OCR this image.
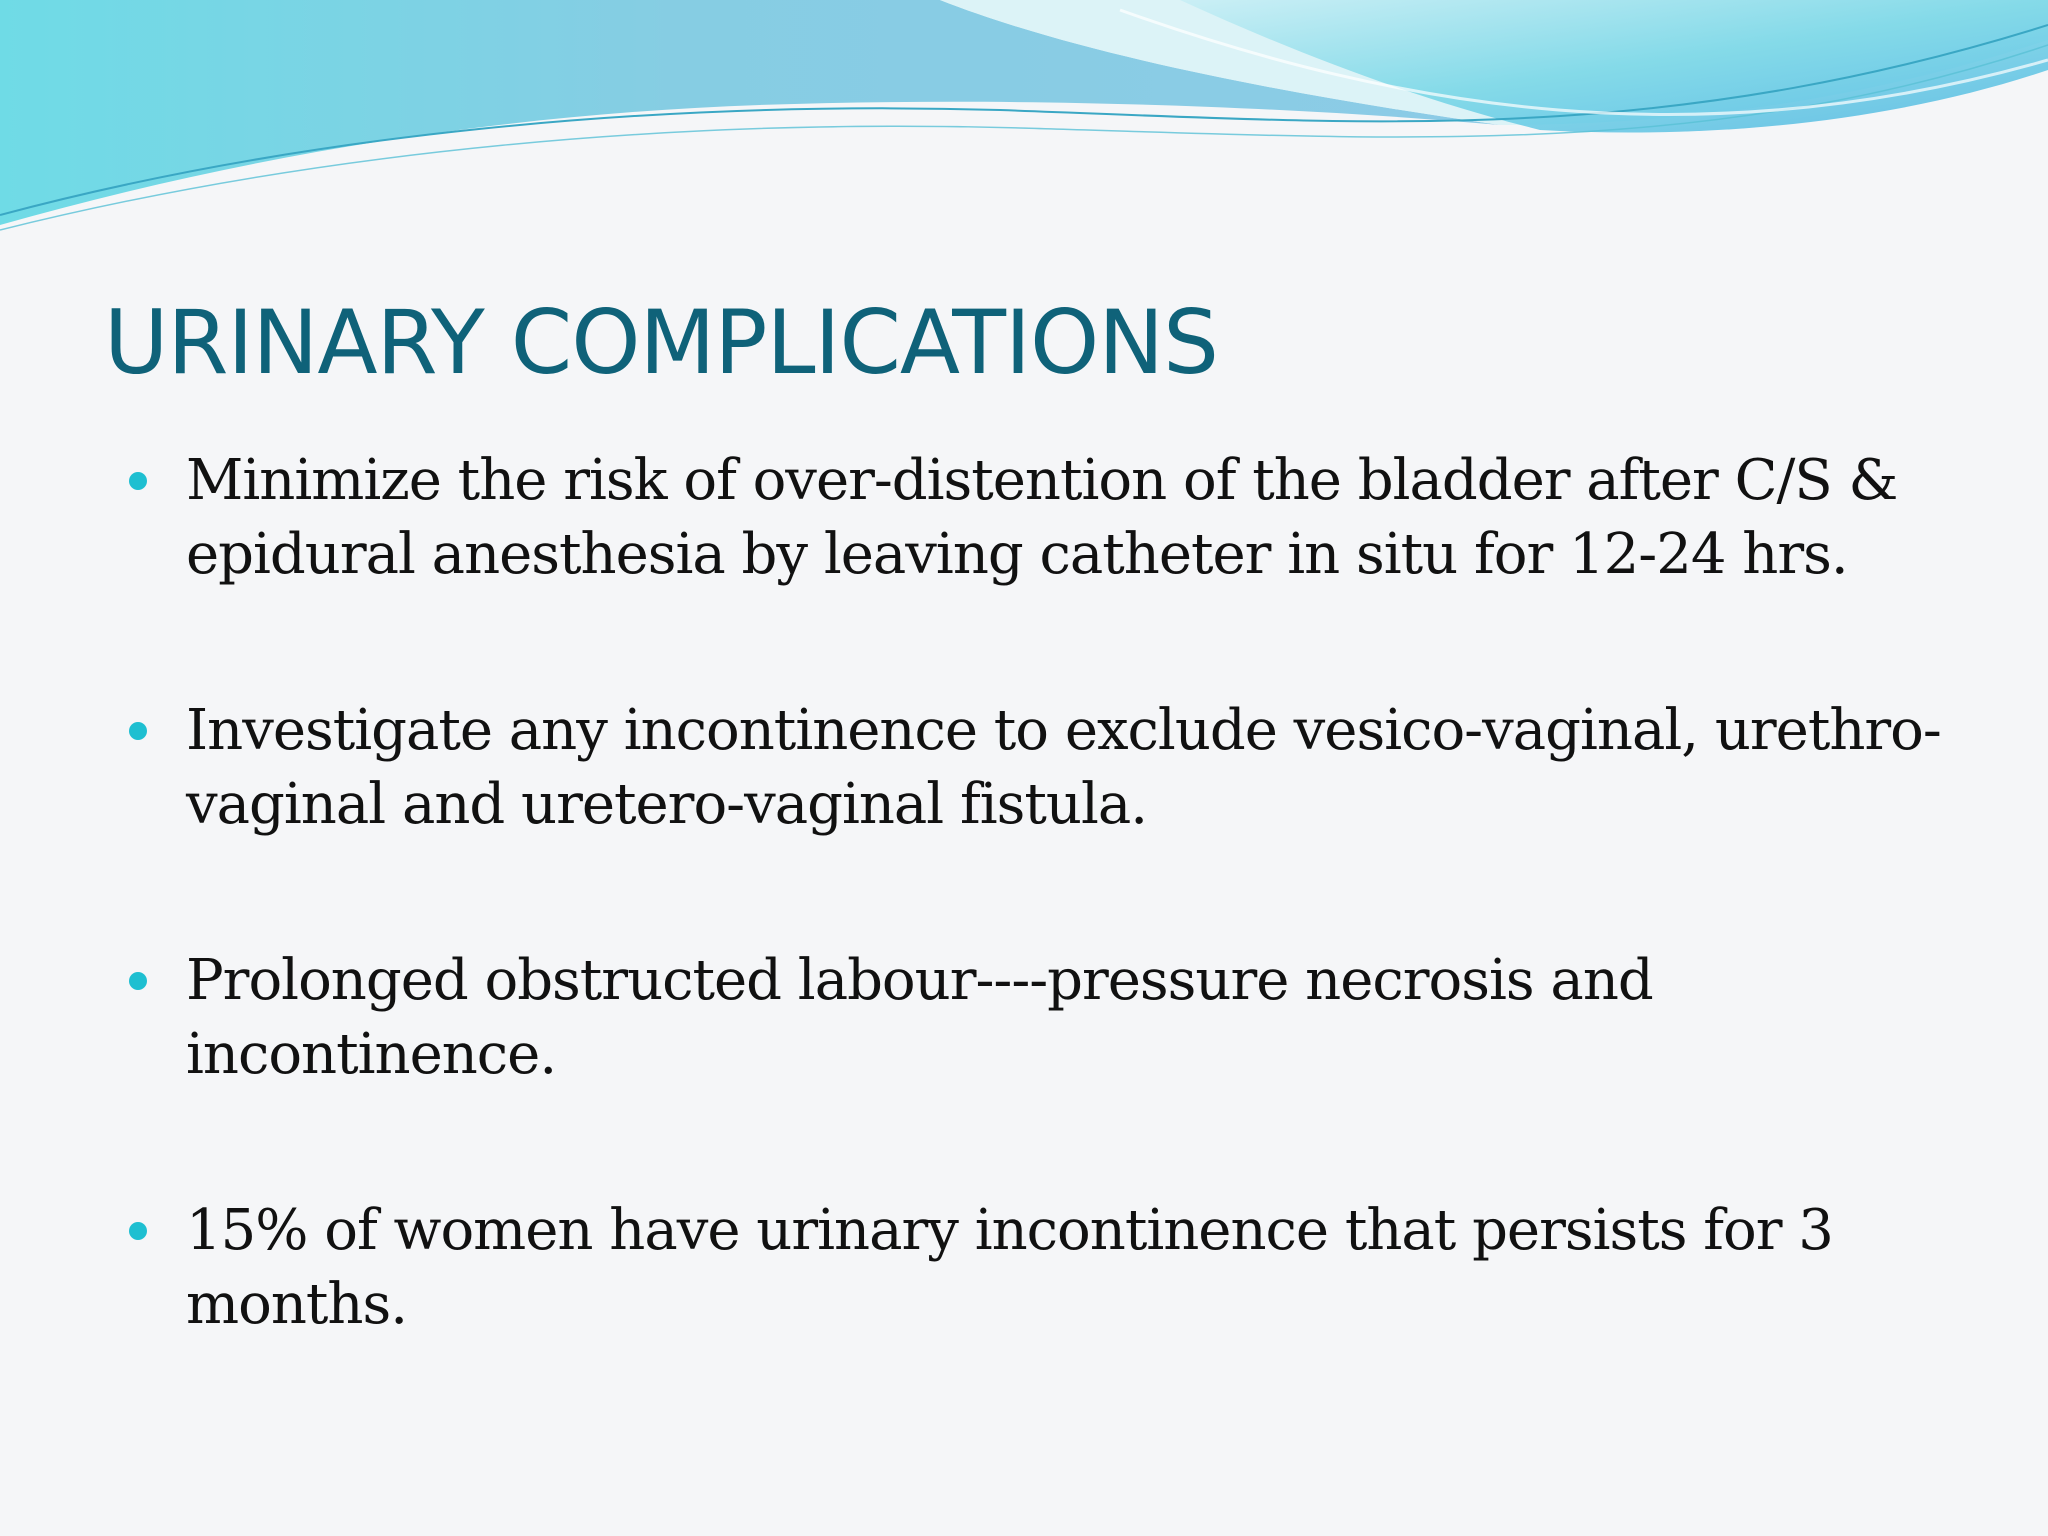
URINARY COMPLICATIONS
Minimize the risk of over-distention of the bladder after C/S & epidural anesthesia by leaving catheter in situ for 12-24 hrs.
Investigate any incontinence to exclude vesico-vaginal, urethro-vaginal and uretero-vaginal fistula.
Prolonged obstructed labour----pressure necrosis and incontinence.
15% of women have urinary incontinence that persists for 3 months.
